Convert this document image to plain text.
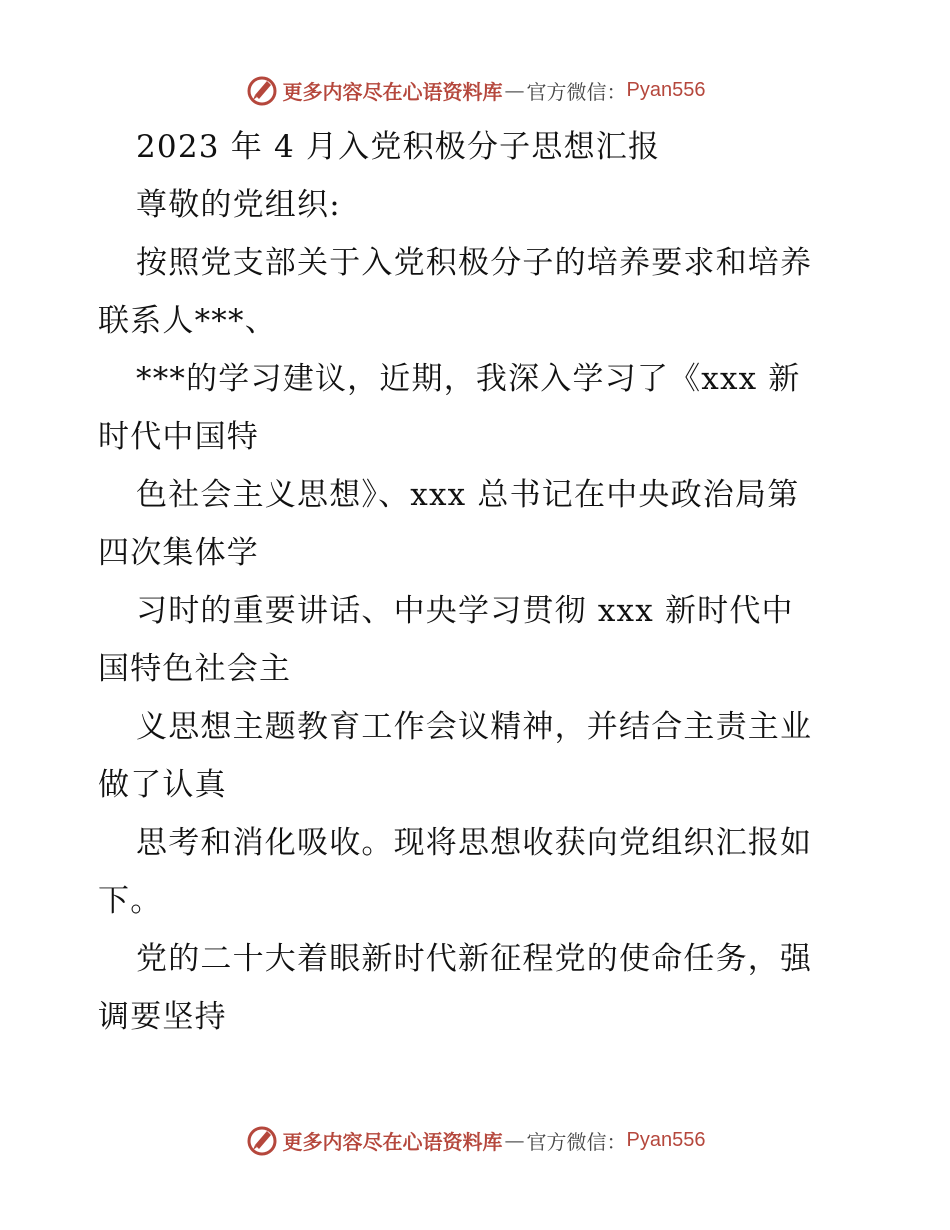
更多内容尽在心语资料库 — 官方微信： Pyan556
2023 年 4 月入党积极分子思想汇报
尊敬的党组织:
按照党支部关于入党积极分子的培养要求和培养
联系人***、
***的学习建议，近期，我深入学习了《xxx 新
时代中国特
色社会主义思想》、xxx 总书记在中央政治局第
四次集体学
习时的重要讲话、中央学习贯彻 xxx 新时代中
国特色社会主
义思想主题教育工作会议精神，并结合主责主业
做了认真
思考和消化吸收。现将思想收获向党组织汇报如
下。
党的二十大着眼新时代新征程党的使命任务，强
调要坚持
更多内容尽在心语资料库 — 官方微信： Pyan556
